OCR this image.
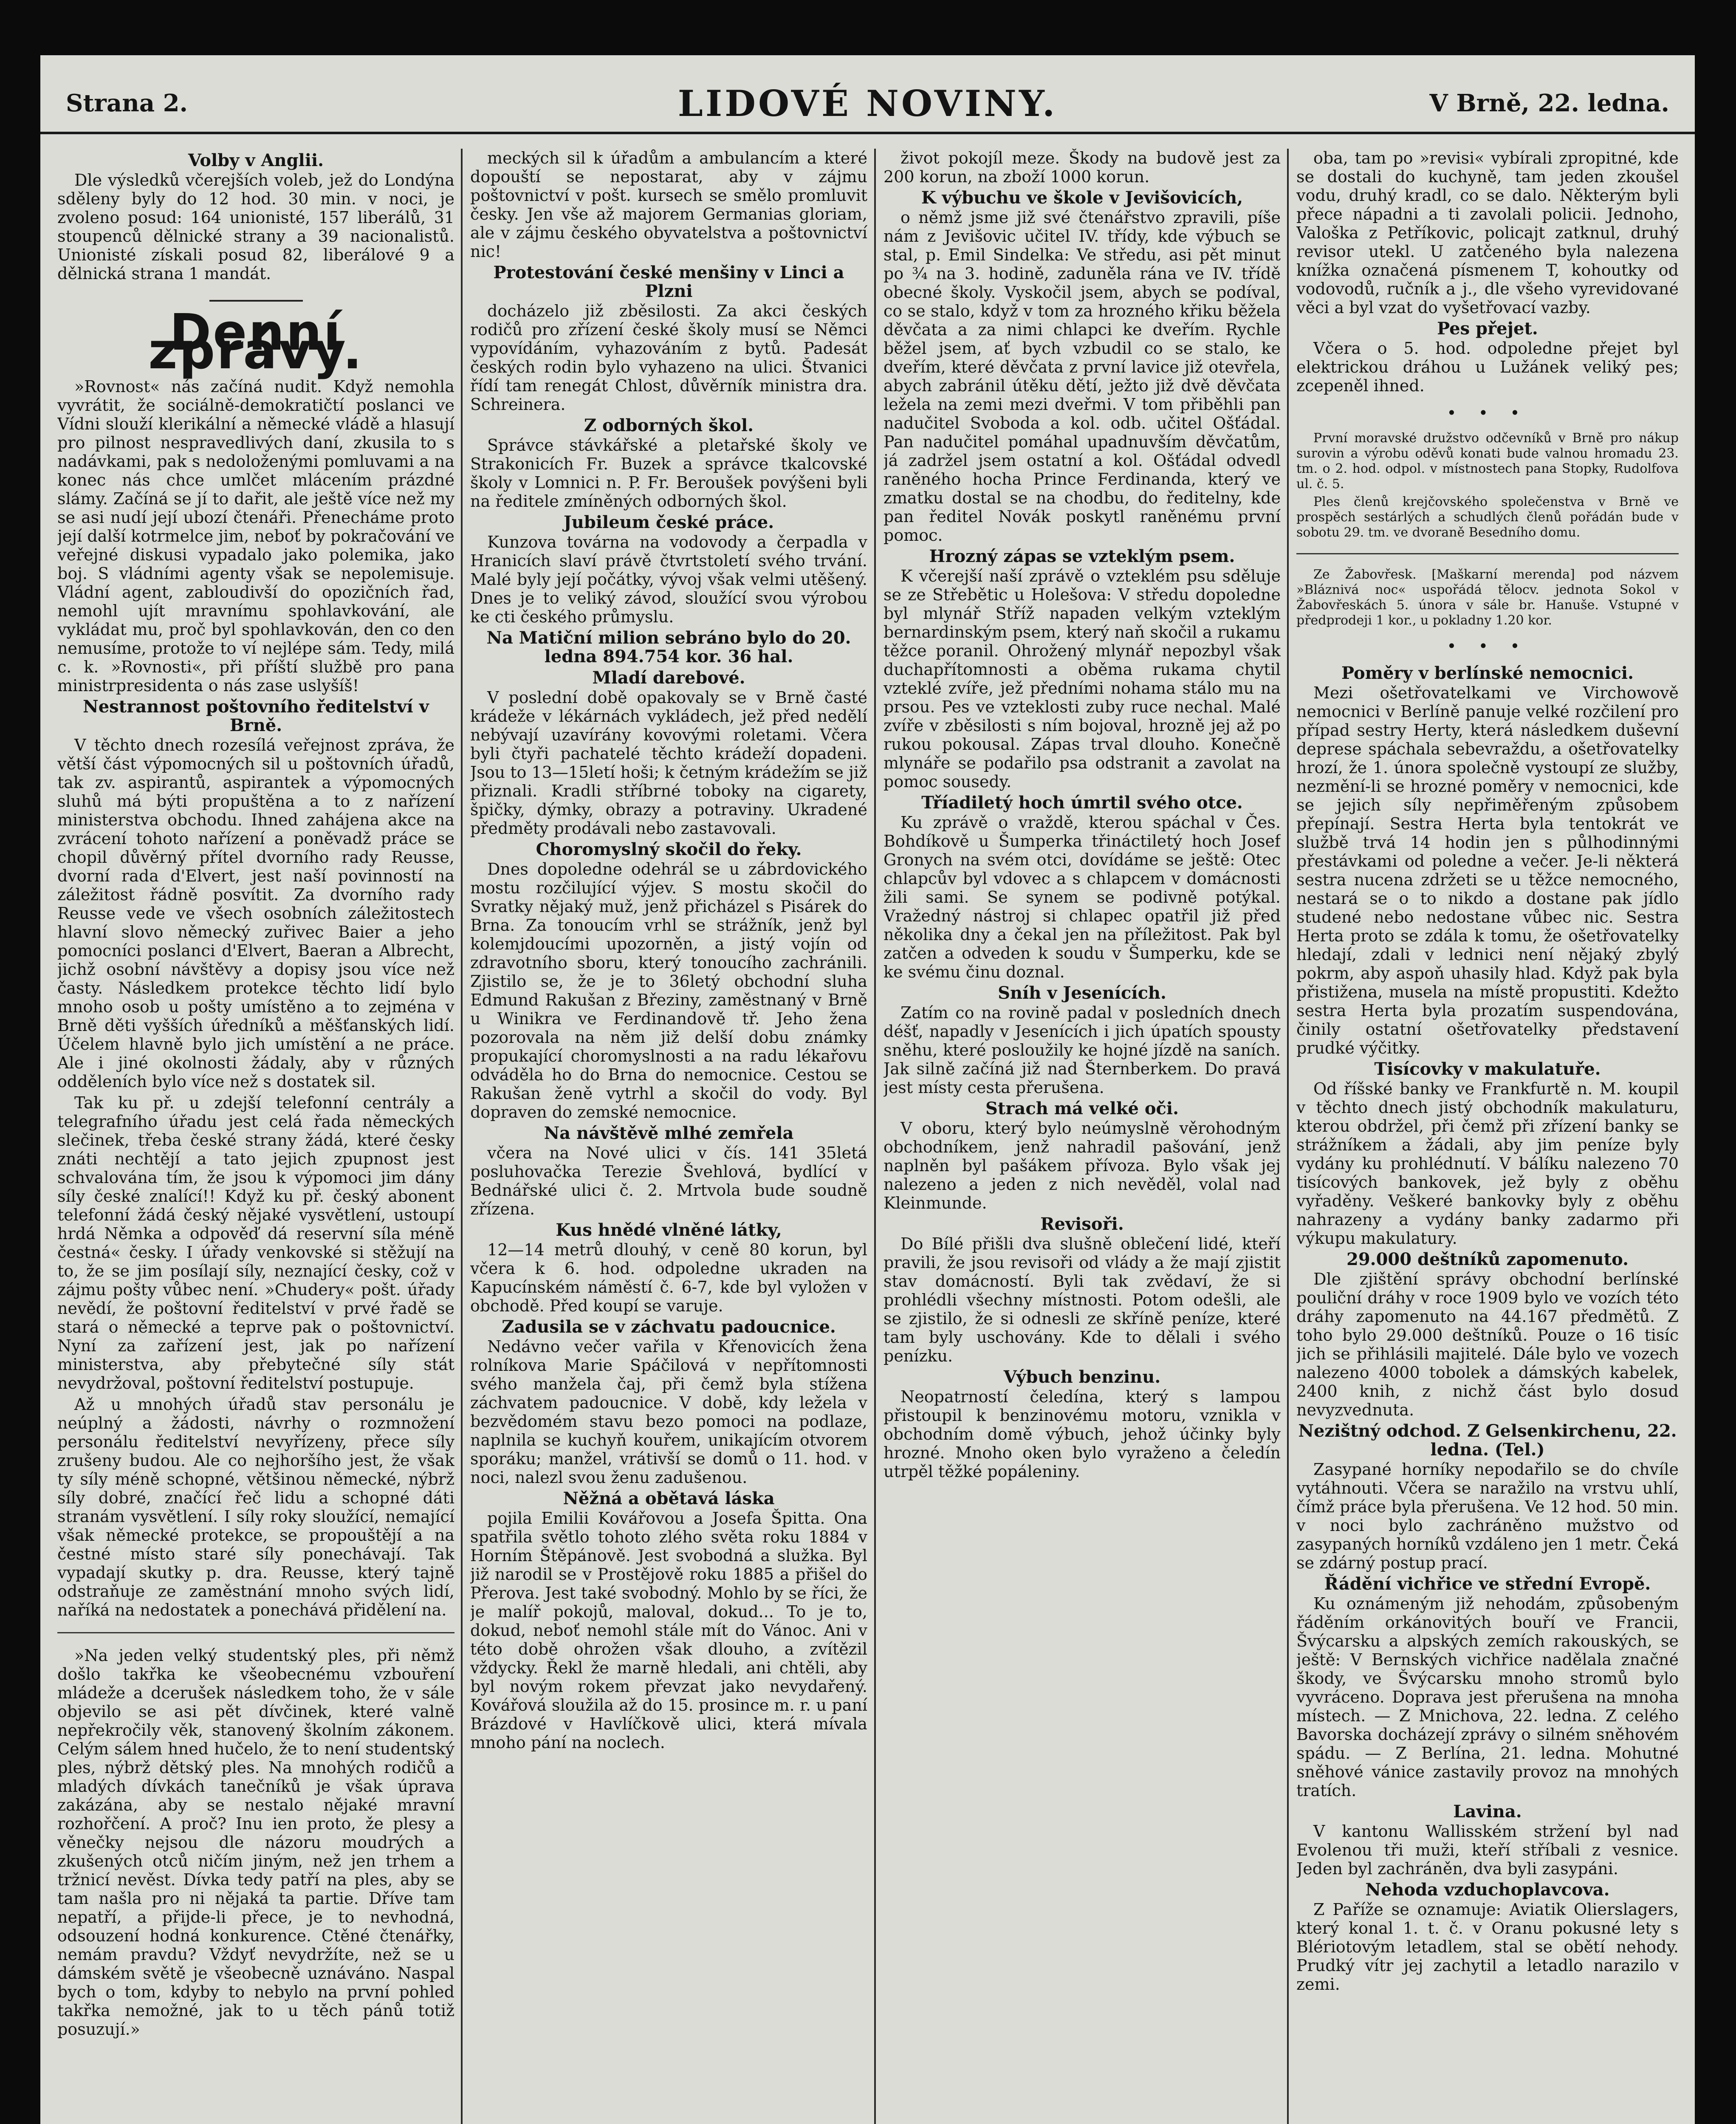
Strana 2.	LIDOVÉ NOVINY.	V Brně, 22. ledna.
Volby v Anglii.

Dle výsledků včerejších voleb, jež do Londýna sděleny byly do 12 hod. 30 min. v noci, je zvoleno posud: 164 unionisté, 157 liberálů, 31 stoupenců dělnické strany a 39 nacionalistů. Unionisté získali posud 82, liberálové 9 a dělnická strana 1 mandát.

Denní zprávy.

»Rovnost« nás začíná nudit. Když nemohla vyvrátit, že sociálně-demokratičtí poslanci ve Vídni slouží klerikální a německé vládě a hlasují pro pilnost nespravedlivých daní, zkusila to s nadávkami, pak s nedoloženými pomluvami a na konec nás chce umlčet mlácením prázdné slámy. Začíná se jí to dařit, ale ještě více než my se asi nudí její ubozí čtenáři. Přenecháme proto její další kotrmelce jim, neboť by pokračování ve veřejné diskusi vypadalo jako polemika, jako boj. S vládními agenty však se nepolemisuje. Vládní agent, zabloudivší do opozičních řad, nemohl ujít mravnímu spohlavkování, ale vykládat mu, proč byl spohlavkován, den co den nemusíme, protože to ví nejlépe sám. Tedy, milá c. k. »Rovnosti«, při příští službě pro pana ministrpresidenta o nás zase uslyšíš!

Nestrannost poštovního ředitelství v Brně.

V těchto dnech rozesílá veřejnost zpráva, že větší část výpomocných sil u poštovních úřadů, tak zv. aspirantů, aspirantek a výpomocných sluhů má býti propuštěna a to z nařízení ministerstva obchodu. Ihned zahájena akce na zvrácení tohoto nařízení a poněvadž práce se chopil důvěrný přítel dvorního rady Reusse, dvorní rada d'Elvert, jest naší povinností na záležitost řádně posvítit. Za dvorního rady Reusse vede ve všech osobních záležitostech hlavní slovo německý zuřivec Baier a jeho pomocníci poslanci d'Elvert, Baeran a Albrecht, jichž osobní návštěvy a dopisy jsou více než časty. Následkem protekce těchto lidí bylo mnoho osob u pošty umístěno a to zejména v Brně děti vyšších úředníků a měšťanských lidí. Účelem hlavně bylo jich umístění a ne práce. Ale i jiné okolnosti žádaly, aby v různých odděleních bylo více než s dostatek sil.

Tak ku př. u zdejší telefonní centrály a telegrafního úřadu jest celá řada německých slečinek, třeba české strany žádá, které česky znáti nechtějí a tato jejich zpupnost jest schvalována tím, že jsou k výpomoci jim dány síly české znalící!! Když ku př. český abonent telefonní žádá český nějaké vysvětlení, ustoupí hrdá Němka a odpověď dá reservní síla méně čestná« česky. I úřady venkovské si stěžují na to, že se jim posílají síly, neznající česky, což v zájmu pošty vůbec není. »Chudery« pošt. úřady nevědí, že poštovní ředitelství v prvé řadě se stará o německé a teprve pak o poštovnictví. Nyní za zařízení jest, jak po nařízení ministerstva, aby přebytečné síly stát nevydržoval, poštovní ředitelství postupuje.

Až u mnohých úřadů stav personálu je neúplný a žádosti, návrhy o rozmnožení personálu ředitelství nevyřízeny, přece síly zrušeny budou. Ale co nejhoršího jest, že však ty síly méně schopné, většinou německé, nýbrž síly dobré, značící řeč lidu a schopné dáti stranám vysvětlení. I síly roky sloužící, nemající však německé protekce, se propouštějí a na čestné místo staré síly ponechávají. Tak vypadají skutky p. dra. Reusse, který tajně odstraňuje ze zaměstnání mnoho svých lidí, naříká na nedostatek a ponechává přidělení na.

»Na jeden velký studentský ples, při němž došlo takřka ke všeobecnému vzbouření mládeže a dcerušek následkem toho, že v sále objevilo se asi pět dívčinek, které valně nepřekročily věk, stanovený školním zákonem. Celým sálem hned hučelo, že to není studentský ples, nýbrž dětský ples. Na mnohých rodičů a mladých dívkách tanečníků je však úprava zakázána, aby se nestalo nějaké mravní rozhořčení. A proč? Inu ien proto, že plesy a věnečky nejsou dle názoru moudrých a zkušených otců ničím jiným, než jen trhem a tržnicí nevěst. Dívka tedy patří na ples, aby se tam našla pro ni nějaká ta partie. Dříve tam nepatří, a přijde-li přece, je to nevhodná, odsouzení hodná konkurence. Ctěné čtenářky, nemám pravdu? Vždyť nevydržíte, než se u dámském světě je všeobecně uznáváno. Naspal bych o tom, kdyby to nebylo na první pohled takřka nemožné, jak to u těch pánů totiž posuzují.»

meckých sil k úřadům a ambulancím a které dopouští se nepostarat, aby v zájmu poštovnictví v pošt. kursech se smělo promluvit česky. Jen vše až majorem Germanias gloriam, ale v zájmu českého obyvatelstva a poštovnictví nic!

Protestování české menšiny v Linci a Plzni

docházelo již zběsilosti. Za akci českých rodičů pro zřízení české školy musí se Němci vypovídáním, vyhazováním z bytů. Padesát českých rodin bylo vyhazeno na ulici. Štvanici řídí tam renegát Chlost, důvěrník ministra dra. Schreinera.

Z odborných škol.

Správce stávkářské a pletařské školy ve Strakonicích Fr. Buzek a správce tkalcovské školy v Lomnici n. P. Fr. Beroušek povýšeni byli na ředitele zmíněných odborných škol.

Jubileum české práce.

Kunzova továrna na vodovody a čerpadla v Hranicích slaví právě čtvrtstoletí svého trvání. Malé byly její počátky, vývoj však velmi utěšený. Dnes je to veliký závod, sloužící svou výrobou ke cti českého průmyslu.

Na Matiční milion sebráno bylo do 20. ledna 894.754 kor. 36 hal.
Mladí darebové.

V poslední době opakovaly se v Brně časté krádeže v lékárnách vykládech, jež před nedělí nebývají uzavírány kovovými roletami. Včera byli čtyři pachatelé těchto krádeží dopadeni. Jsou to 13—15letí hoši; k četným krádežím se již přiznali. Kradli stříbrné toboky na cigarety, špičky, dýmky, obrazy a potraviny. Ukradené předměty prodávali nebo zastavovali.

Choromyslný skočil do řeky.

Dnes dopoledne odehrál se u zábrdovického mostu rozčilující výjev. S mostu skočil do Svratky nějaký muž, jenž přicházel s Pisárek do Brna. Za tonoucím vrhl se strážník, jenž byl kolemjdoucími upozorněn, a jistý vojín od zdravotního sboru, který tonoucího zachránili. Zjistilo se, že je to 36letý obchodní sluha Edmund Rakušan z Březiny, zaměstnaný v Brně u Winikra ve Ferdinandově tř. Jeho žena pozorovala na něm již delší dobu známky propukající choromyslnosti a na radu lékařovu odváděla ho do Brna do nemocnice. Cestou se Rakušan ženě vytrhl a skočil do vody. Byl dopraven do zemské nemocnice.

Na návštěvě mlhé zemřela

včera na Nové ulici v čís. 141 35letá posluhovačka Terezie Švehlová, bydlící v Bednářské ulici č. 2. Mrtvola bude soudně zřízena.

Kus hnědé vlněné látky,

12—14 metrů dlouhý, v ceně 80 korun, byl včera k 6. hod. odpoledne ukraden na Kapucínském náměstí č. 6-7, kde byl vyložen v obchodě. Před koupí se varuje.

Zadusila se v záchvatu padoucnice.

Nedávno večer vařila v Křenovicích žena rolníkova Marie Spáčilová v nepřítomnosti svého manžela čaj, při čemž byla stížena záchvatem padoucnice. V době, kdy ležela v bezvědomém stavu bezo pomoci na podlaze, naplnila se kuchyň kouřem, unikajícím otvorem sporáku; manžel, vrátivší se domů o 11. hod. v noci, nalezl svou ženu zadušenou.

Něžná a obětavá láska

pojila Emilii Kovářovou a Josefa Špitta. Ona spatřila světlo tohoto zlého světa roku 1884 v Horním Štěpánově. Jest svobodná a služka. Byl již narodil se v Prostějově roku 1885 a přišel do Přerova. Jest také svobodný. Mohlo by se říci, že je malíř pokojů, maloval, dokud... To je to, dokud, neboť nemohl stále mít do Vánoc. Ani v této době ohrožen však dlouho, a zvítězil vždycky. Řekl že marně hledali, ani chtěli, aby byl novým rokem převzat jako nevydařený. Kovářová sloužila až do 15. prosince m. r. u paní Brázdové v Havlíčkově ulici, která mívala mnoho pání na noclech.

život pokojíl meze. Škody na budově jest za 200 korun, na zboží 1000 korun.

K výbuchu ve škole v Jevišovicích,

o němž jsme již své čtenářstvo zpravili, píše nám z Jevišovic učitel IV. třídy, kde výbuch se stal, p. Emil Sindelka: Ve středu, asi pět minut po ¾ na 3. hodině, zaduněla rána ve IV. třídě obecné školy. Vyskočil jsem, abych se podíval, co se stalo, když v tom za hrozného křiku běžela děvčata a za nimi chlapci ke dveřím. Rychle běžel jsem, ať bych vzbudil co se stalo, ke dveřím, které děvčata z první lavice již otevřela, abych zabránil útěku dětí, ježto již dvě děvčata ležela na zemi mezi dveřmi. V tom přiběhli pan nadučitel Svoboda a kol. odb. učitel Ošťádal. Pan nadučitel pomáhal upadnuvším děvčatům, já zadržel jsem ostatní a kol. Ošťádal odvedl raněného hocha Prince Ferdinanda, který ve zmatku dostal se na chodbu, do ředitelny, kde pan ředitel Novák poskytl raněnému první pomoc.

Hrozný zápas se vzteklým psem.

K včerejší naší zprávě o vzteklém psu sděluje se ze Střebětic u Holešova: V středu dopoledne byl mlynář Stříž napaden velkým vzteklým bernardinským psem, který naň skočil a rukamu těžce poranil. Ohrožený mlynář nepozbyl však duchapřítomnosti a oběma rukama chytil vzteklé zvíře, jež předními nohama stálo mu na prsou. Pes ve vzteklosti zuby ruce nechal. Malé zvíře v zběsilosti s ním bojoval, hrozně jej až po rukou pokousal. Zápas trval dlouho. Konečně mlynáře se podařilo psa odstranit a zavolat na pomoc sousedy.

Tříadiletý hoch úmrtil svého otce.

Ku zprávě o vraždě, kterou spáchal v Čes. Bohdíkově u Šumperka třináctiletý hoch Josef Gronych na svém otci, dovídáme se ještě: Otec chlapcův byl vdovec a s chlapcem v domácnosti žili sami. Se synem se podivně potýkal. Vražedný nástroj si chlapec opatřil již před několika dny a čekal jen na příležitost. Pak byl zatčen a odveden k soudu v Šumperku, kde se ke svému činu doznal.

Sníh v Jesenících.

Zatím co na rovině padal v posledních dnech déšť, napadly v Jesenících i jich úpatích spousty sněhu, které posloužily ke hojné jízdě na saních. Jak silně začíná již nad Šternberkem. Do pravá jest místy cesta přerušena.

Strach má velké oči.

V oboru, který bylo neúmyslně věrohodným obchodníkem, jenž nahradil pašování, jenž naplněn byl pašákem přívoza. Bylo však jej nalezeno a jeden z nich nevěděl, volal nad Kleinmunde.

Revisoři.

Do Bílé přišli dva slušně oblečení lidé, kteří pravili, že jsou revisoři od vlády a že mají zjistit stav domácností. Byli tak zvědaví, že si prohlédli všechny místnosti. Potom odešli, ale se zjistilo, že si odnesli ze skříně peníze, které tam byly uschovány. Kde to dělali i svého penízku.

Výbuch benzinu.

Neopatrností čeledína, který s lampou přistoupil k benzinovému motoru, vznikla v obchodním domě výbuch, jehož účinky byly hrozné. Mnoho oken bylo vyraženo a čeledín utrpěl těžké popáleniny.

oba, tam po »revisi« vybírali zpropitné, kde se dostali do kuchyně, tam jeden zkoušel vodu, druhý kradl, co se dalo. Některým byli přece nápadni a ti zavolali policii. Jednoho, Valoška z Petříkovic, policajt zatknul, druhý revisor utekl. U zatčeného byla nalezena knížka označená písmenem T, kohoutky od vodovodů, ručník a j., dle všeho vyrevidované věci a byl vzat do vyšetřovací vazby.

Pes přejet.

Včera o 5. hod. odpoledne přejet byl elektrickou dráhou u Lužánek veliký pes; zcepeněl ihned.

• • •

První moravské družstvo odčevníků v Brně pro nákup surovin a výrobu oděvů konati bude valnou hromadu 23. tm. o 2. hod. odpol. v místnostech pana Stopky, Rudolfova ul. č. 5.

Ples členů krejčovského společenstva v Brně ve prospěch sestárlých a schudlých členů pořádán bude v sobotu 29. tm. ve dvoraně Besedního domu.

Ze Žabovřesk. [Maškarní merenda] pod názvem »Bláznivá noc« uspořádá tělocv. jednota Sokol v Žabovřeskách 5. února v sále br. Hanuše. Vstupné v předprodeji 1 kor., u pokladny 1.20 kor.

• • •
Poměry v berlínské nemocnici.

Mezi ošetřovatelkami ve Virchowově nemocnici v Berlíně panuje velké rozčilení pro případ sestry Herty, která následkem duševní deprese spáchala sebevraždu, a ošetřovatelky hrozí, že 1. února společně vystoupí ze služby, nezmění-li se hrozné poměry v nemocnici, kde se jejich síly nepřiměřeným způsobem přepínají. Sestra Herta byla tentokrát ve službě trvá 14 hodin jen s půlhodinnými přestávkami od poledne a večer. Je-li některá sestra nucena zdržeti se u těžce nemocného, nestará se o to nikdo a dostane pak jídlo studené nebo nedostane vůbec nic. Sestra Herta proto se zdála k tomu, že ošetřovatelky hledají, zdali v lednici není nějaký zbylý pokrm, aby aspoň uhasily hlad. Když pak byla přistižena, musela na místě propustiti. Kdežto sestra Herta byla prozatím suspendována, činily ostatní ošetřovatelky představení prudké výčitky.

Tisícovky v makulatuře.

Od říšské banky ve Frankfurtě n. M. koupil v těchto dnech jistý obchodník makulaturu, kterou obdržel, při čemž při zřízení banky se strážníkem a žádali, aby jim peníze byly vydány ku prohlédnutí. V bálíku nalezeno 70 tisícových bankovek, jež byly z oběhu vyřaděny. Veškeré bankovky byly z oběhu nahrazeny a vydány banky zadarmo při výkupu makulatury.

29.000 deštníků zapomenuto.

Dle zjištění správy obchodní berlínské pouliční dráhy v roce 1909 bylo ve vozích této dráhy zapomenuto na 44.167 předmětů. Z toho bylo 29.000 deštníků. Pouze o 16 tisíc jich se přihlásili majitelé. Dále bylo ve vozech nalezeno 4000 tobolek a dámských kabelek, 2400 knih, z nichž část bylo dosud nevyzvednuta.

Nezištný odchod. Z Gelsenkirchenu, 22. ledna. (Tel.)

Zasypané horníky nepodařilo se do chvíle vytáhnouti. Včera se naražilo na vrstvu uhlí, čímž práce byla přerušena. Ve 12 hod. 50 min. v noci bylo zachráněno mužstvo od zasypaných horníků vzdáleno jen 1 metr. Čeká se zdárný postup prací.

Řádění vichřice ve střední Evropě.

Ku oznámeným již nehodám, způsobeným řáděním orkánovitých bouří ve Francii, Švýcarsku a alpských zemích rakouských, se ještě: V Bernských vichřice nadělala značné škody, ve Švýcarsku mnoho stromů bylo vyvráceno. Doprava jest přerušena na mnoha místech. — Z Mnichova, 22. ledna. Z celého Bavorska docházejí zprávy o silném sněhovém spádu. — Z Berlína, 21. ledna. Mohutné sněhové vánice zastavily provoz na mnohých tratích.

Lavina.

V kantonu Wallisském stržení byl nad Evolenou tři muži, kteří stříbali z vesnice. Jeden byl zachráněn, dva byli zasypáni.

Nehoda vzduchoplavcova.

Z Paříže se oznamuje: Aviatik Olierslagers, který konal 1. t. č. v Oranu pokusné lety s Blériotovým letadlem, stal se obětí nehody. Prudký vítr jej zachytil a letadlo narazilo v zemi.
